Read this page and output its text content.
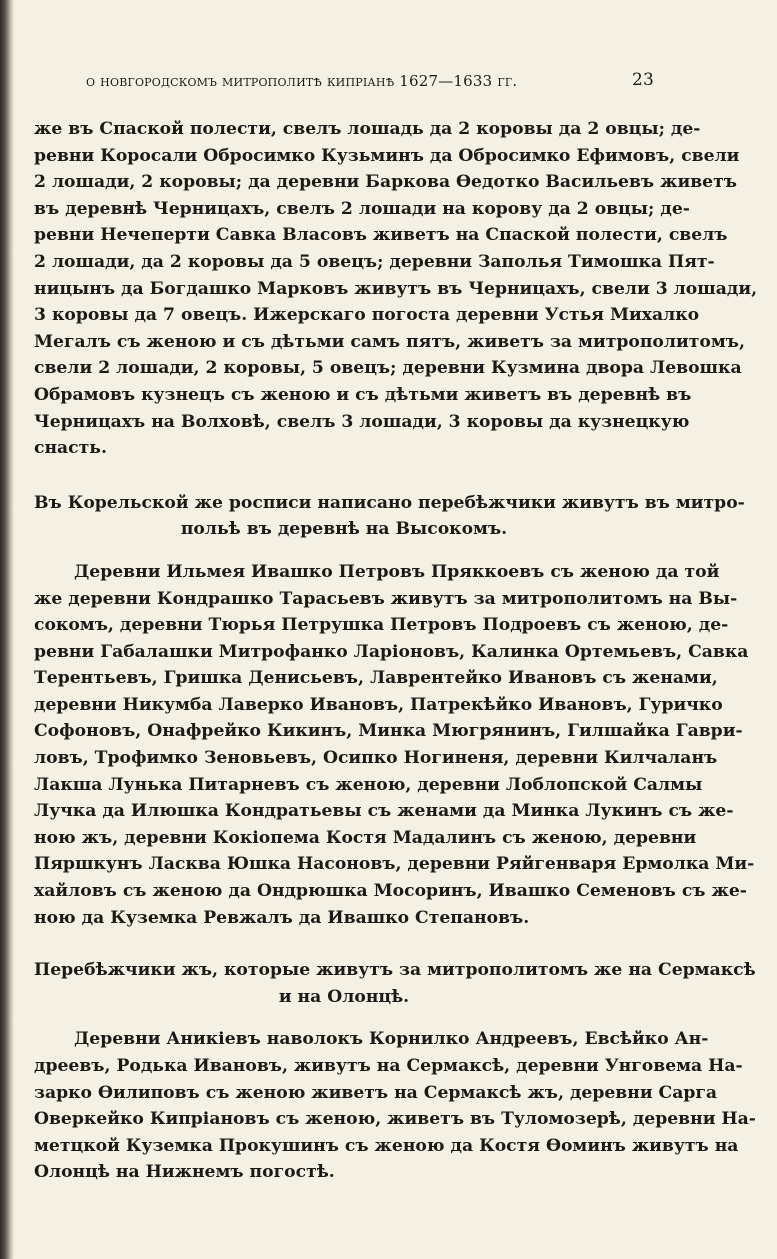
о новгородскомъ митрополитѣ кипріанѣ 1627—1633 гг.	23
же въ Спаской полести, свелъ лошадь да 2 коровы да 2 овцы; де-
ревни Коросали Обросимко Кузьминъ да Обросимко Ефимовъ, свели
2 лошади, 2 коровы; да деревни Баркова Өедотко Васильевъ живетъ
въ деревнѣ Черницахъ, свелъ 2 лошади на корову да 2 овцы; де-
ревни Нечеперти Савка Власовъ живетъ на Спаской полести, свелъ
2 лошади, да 2 коровы да 5 овецъ; деревни Заполья Тимошка Пят-
ницынъ да Богдашко Марковъ живутъ въ Черницахъ, свели 3 лошади,
3 коровы да 7 овецъ. Ижерскаго погоста деревни Устья Михалко
Мегалъ съ женою и съ дѣтьми самъ пятъ, живетъ за митрополитомъ,
свели 2 лошади, 2 коровы, 5 овецъ; деревни Кузмина двора Левошка
Обрамовъ кузнецъ съ женою и съ дѣтьми живетъ въ деревнѣ въ
Черницахъ на Волховѣ, свелъ 3 лошади, 3 коровы да кузнецкую
снасть.
Въ Корельской же росписи написано перебѣжчики живутъ въ митро-
польѣ въ деревнѣ на Высокомъ.
Деревни Ильмея Ивашко Петровъ Пряккоевъ съ женою да той
же деревни Кондрашко Тарасьевъ живутъ за митрополитомъ на Вы-
сокомъ, деревни Тюрья Петрушка Петровъ Подроевъ съ женою, де-
ревни Габалашки Митрофанко Ларіоновъ, Калинка Ортемьевъ, Савка
Терентьевъ, Гришка Денисьевъ, Лаврентейко Ивановъ съ женами,
деревни Никумба Лаверко Ивановъ, Патрекѣйко Ивановъ, Гуричко
Софоновъ, Онафрейко Кикинъ, Минка Мюгрянинъ, Гилшайка Гаври-
ловъ, Трофимко Зеновьевъ, Осипко Ногиненя, деревни Килчаланъ
Лакша Лунька Питарневъ съ женою, деревни Лоблопской Салмы
Лучка да Илюшка Кондратьевы съ женами да Минка Лукинъ съ же-
ною жъ, деревни Кокіопема Костя Мадалинъ съ женою, деревни
Пяршкунъ Ласква Юшка Насоновъ, деревни Ряйгенваря Ермолка Ми-
хайловъ съ женою да Ондрюшка Мосоринъ, Ивашко Семеновъ съ же-
ною да Куземка Ревжалъ да Ивашко Степановъ.
Перебѣжчики жъ, которые живутъ за митрополитомъ же на Сермаксѣ
и на Олонцѣ.
Деревни Аникіевъ наволокъ Корнилко Андреевъ, Евсѣйко Ан-
дреевъ, Родька Ивановъ, живутъ на Сермаксѣ, деревни Унговема На-
зарко Өилиповъ съ женою живетъ на Сермаксѣ жъ, деревни Сарга
Оверкейко Кипріановъ съ женою, живетъ въ Туломозерѣ, деревни На-
метцкой Куземка Прокушинъ съ женою да Костя Өоминъ живутъ на
Олонцѣ на Нижнемъ погостѣ.
